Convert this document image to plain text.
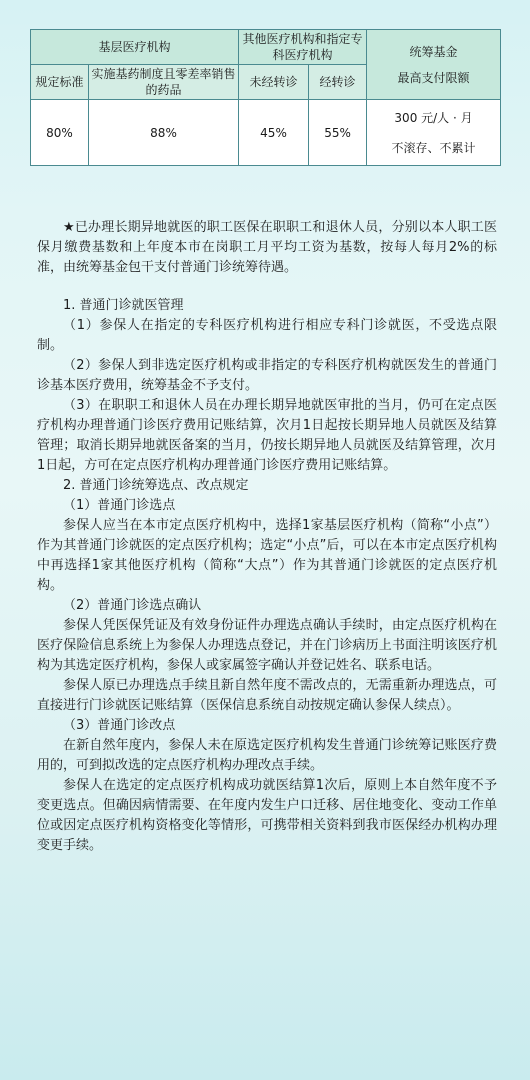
基层医疗机构		其他医疗机构和指定专科医疗机构		统筹基金
最高支付限额

规定标准	实施基药制度且零差率销售的药品	未经转诊	经转诊	
80%	88%	45%	55%	300 元/人 · 月
不滚存、不累计

★已办理长期异地就医的职工医保在职职工和退休人员，分别以本人职工医保月缴费基数和上年度本市在岗职工月平均工资为基数，按每人每月2%的标准，由统筹基金包干支付普通门诊统筹待遇。

1. 普通门诊就医管理

（1）参保人在指定的专科医疗机构进行相应专科门诊就医，不受选点限制。

（2）参保人到非选定医疗机构或非指定的专科医疗机构就医发生的普通门诊基本医疗费用，统筹基金不予支付。

（3）在职职工和退休人员在办理长期异地就医审批的当月，仍可在定点医疗机构办理普通门诊医疗费用记账结算，次月1日起按长期异地人员就医及结算管理；取消长期异地就医备案的当月，仍按长期异地人员就医及结算管理，次月1日起，方可在定点医疗机构办理普通门诊医疗费用记账结算。

2. 普通门诊统筹选点、改点规定

（1）普通门诊选点

参保人应当在本市定点医疗机构中，选择1家基层医疗机构（简称“小点”）作为其普通门诊就医的定点医疗机构；选定“小点”后，可以在本市定点医疗机构中再选择1家其他医疗机构（简称“大点”）作为其普通门诊就医的定点医疗机构。

（2）普通门诊选点确认

参保人凭医保凭证及有效身份证件办理选点确认手续时，由定点医疗机构在医疗保险信息系统上为参保人办理选点登记，并在门诊病历上书面注明该医疗机构为其选定医疗机构，参保人或家属签字确认并登记姓名、联系电话。

参保人原已办理选点手续且新自然年度不需改点的，无需重新办理选点，可直接进行门诊就医记账结算（医保信息系统自动按规定确认参保人续点）。

（3）普通门诊改点

在新自然年度内，参保人未在原选定医疗机构发生普通门诊统筹记账医疗费用的，可到拟改选的定点医疗机构办理改点手续。

参保人在选定的定点医疗机构成功就医结算1次后，原则上本自然年度不予变更选点。但确因病情需要、在年度内发生户口迁移、居住地变化、变动工作单位或因定点医疗机构资格变化等情形，可携带相关资料到我市医保经办机构办理变更手续。
